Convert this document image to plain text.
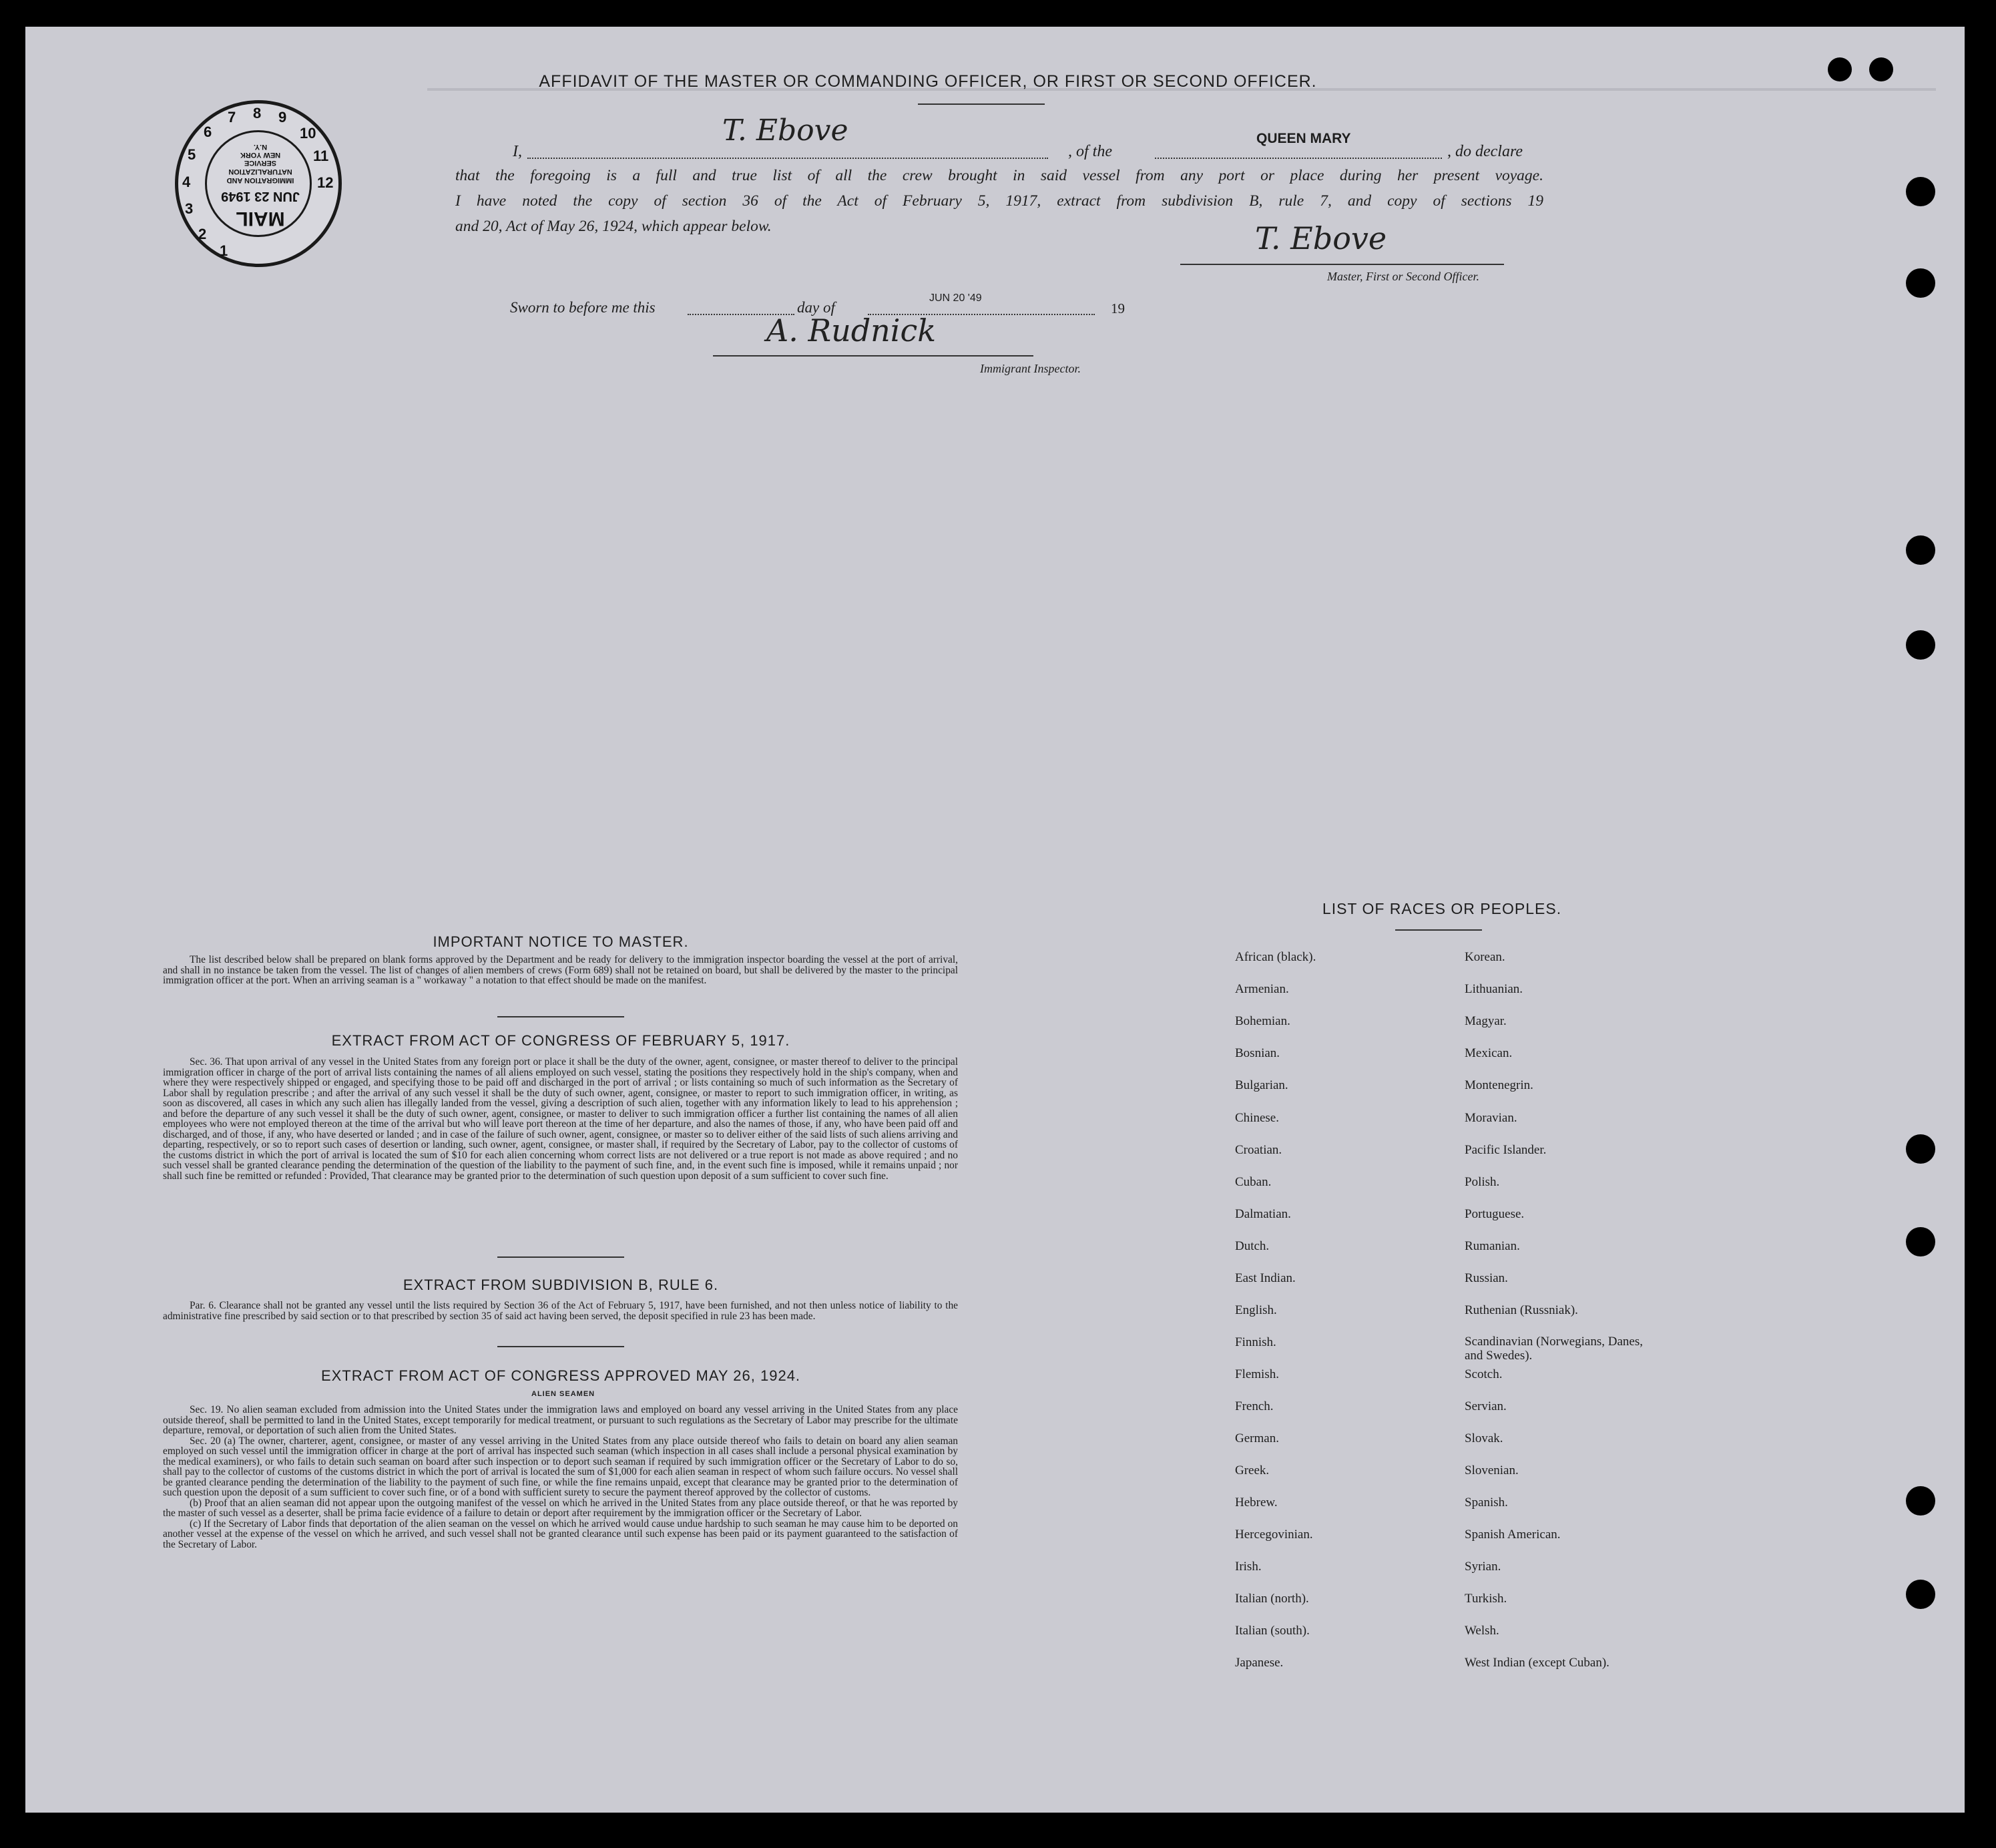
1
2
3
4
5
6
7 8 9
10
11
12
MAIL
JUN 23 1949
IMMIGRATION AND
NATURALIZATION
SERVICE
NEW YORK
N.Y.
AFFIDAVIT OF THE MASTER OR COMMANDING OFFICER, OR FIRST OR SECOND OFFICER.
I,
T. Ebove
, of the
QUEEN MARY
, do declare
that the foregoing is a full and true list of all the crew brought in said vessel from any port or place during her present voyage.
I have noted the copy of section 36 of the Act of February 5, 1917, extract from subdivision B, rule 7, and copy of sections 19
and 20, Act of May 26, 1924, which appear below.	T. Ebove
Master, First or Second Officer.
Sworn to before me this	day of
JUN 20 '49
19
A. Rudnick
Immigrant Inspector.
IMPORTANT NOTICE TO MASTER.

The list described below shall be prepared on blank forms approved by the Department and be ready for delivery to the immigration inspector boarding the vessel at the port of arrival, and shall in no instance be taken from the vessel. The list of changes of alien members of crews (Form 689) shall not be retained on board, but shall be delivered by the master to the principal immigration officer at the port. When an arriving seaman is a " workaway " a notation to that effect should be made on the manifest.

EXTRACT FROM ACT OF CONGRESS OF FEBRUARY 5, 1917.

Sec. 36. That upon arrival of any vessel in the United States from any foreign port or place it shall be the duty of the owner, agent, consignee, or master thereof to deliver to the principal immigration officer in charge of the port of arrival lists containing the names of all aliens employed on such vessel, stating the positions they respectively hold in the ship's company, when and where they were respectively shipped or engaged, and specifying those to be paid off and discharged in the port of arrival ; or lists containing so much of such information as the Secretary of Labor shall by regulation prescribe ; and after the arrival of any such vessel it shall be the duty of such owner, agent, consignee, or master to report to such immigration officer, in writing, as soon as discovered, all cases in which any such alien has illegally landed from the vessel, giving a description of such alien, together with any information likely to lead to his apprehension ; and before the departure of any such vessel it shall be the duty of such owner, agent, consignee, or master to deliver to such immigration officer a further list containing the names of all alien employees who were not employed thereon at the time of the arrival but who will leave port thereon at the time of her departure, and also the names of those, if any, who have been paid off and discharged, and of those, if any, who have deserted or landed ; and in case of the failure of such owner, agent, consignee, or master so to deliver either of the said lists of such aliens arriving and departing, respectively, or so to report such cases of desertion or landing, such owner, agent, consignee, or master shall, if required by the Secretary of Labor, pay to the collector of customs of the customs district in which the port of arrival is located the sum of $10 for each alien concerning whom correct lists are not delivered or a true report is not made as above required ; and no such vessel shall be granted clearance pending the determination of the question of the liability to the payment of such fine, and, in the event such fine is imposed, while it remains unpaid ; nor shall such fine be remitted or refunded : Provided, That clearance may be granted prior to the determination of such question upon deposit of a sum sufficient to cover such fine.

EXTRACT FROM SUBDIVISION B, RULE 6.

Par. 6. Clearance shall not be granted any vessel until the lists required by Section 36 of the Act of February 5, 1917, have been furnished, and not then unless notice of liability to the administrative fine prescribed by said section or to that prescribed by section 35 of said act having been served, the deposit specified in rule 23 has been made.

EXTRACT FROM ACT OF CONGRESS APPROVED MAY 26, 1924.
ALIEN SEAMEN

Sec. 19. No alien seaman excluded from admission into the United States under the immigration laws and employed on board any vessel arriving in the United States from any place outside thereof, shall be permitted to land in the United States, except temporarily for medical treatment, or pursuant to such regulations as the Secretary of Labor may prescribe for the ultimate departure, removal, or deportation of such alien from the United States.

Sec. 20 (a) The owner, charterer, agent, consignee, or master of any vessel arriving in the United States from any place outside thereof who fails to detain on board any alien seaman employed on such vessel until the immigration officer in charge at the port of arrival has inspected such seaman (which inspection in all cases shall include a personal physical examination by the medical examiners), or who fails to detain such seaman on board after such inspection or to deport such seaman if required by such immigration officer or the Secretary of Labor to do so, shall pay to the collector of customs of the customs district in which the port of arrival is located the sum of $1,000 for each alien seaman in respect of whom such failure occurs. No vessel shall be granted clearance pending the determination of the liability to the payment of such fine, or while the fine remains unpaid, except that clearance may be granted prior to the determination of such question upon the deposit of a sum sufficient to cover such fine, or of a bond with sufficient surety to secure the payment thereof approved by the collector of customs.

(b) Proof that an alien seaman did not appear upon the outgoing manifest of the vessel on which he arrived in the United States from any place outside thereof, or that he was reported by the master of such vessel as a deserter, shall be prima facie evidence of a failure to detain or deport after requirement by the immigration officer or the Secretary of Labor.

(c) If the Secretary of Labor finds that deportation of the alien seaman on the vessel on which he arrived would cause undue hardship to such seaman he may cause him to be deported on another vessel at the expense of the vessel on which he arrived, and such vessel shall not be granted clearance until such expense has been paid or its payment guaranteed to the satisfaction of the Secretary of Labor.

LIST OF RACES OR PEOPLES.
African (black).
Armenian.
Bohemian.
Bosnian.
Bulgarian.
Chinese.
Croatian.
Cuban.
Dalmatian.
Dutch.
East Indian.
English.
Finnish.
Flemish.
French.
German.
Greek.
Hebrew.
Hercegovinian.
Irish.
Italian (north).
Italian (south).
Japanese.
Korean.
Lithuanian.
Magyar.
Mexican.
Montenegrin.
Moravian.
Pacific Islander.
Polish.
Portuguese.
Rumanian.
Russian.
Ruthenian (Russniak).
Scandinavian (Norwegians, Danes, and Swedes).
Scotch.
Servian.
Slovak.
Slovenian.
Spanish.
Spanish American.
Syrian.
Turkish.
Welsh.
West Indian (except Cuban).
